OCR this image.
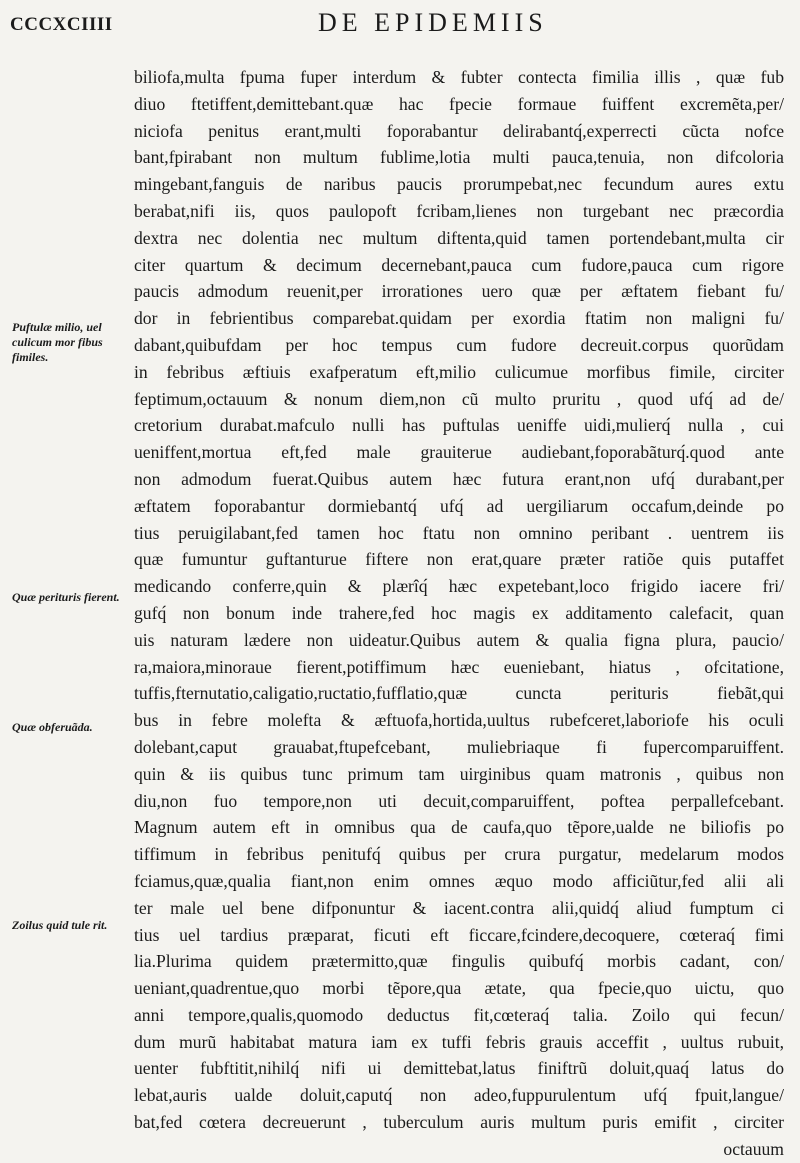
CCCXCIIII	DE EPIDEMIIS

biliofa,multa fpuma fuper interdum & fubter contecta fimilia illis , quæ fub
diuo ftetiffent,demittebant.quæ hac fpecie formaue fuiffent excremẽta,per/
niciofa penitus erant,multi foporabantur delirabantq́,experrecti cũcta nofce
bant,fpirabant non multum fublime,lotia multi pauca,tenuia, non difcoloria
mingebant,fanguis de naribus paucis prorumpebat,nec fecundum aures extu
berabat,nifi iis, quos paulopoft fcribam,lienes non turgebant nec præcordia
dextra nec dolentia nec multum diftenta,quid tamen portendebant,multa cir
citer quartum & decimum decernebant,pauca cum fudore,pauca cum rigore
paucis admodum reuenit,per irrorationes uero quæ per æftatem fiebant fu/
dor in febrientibus comparebat.quidam per exordia ftatim non maligni fu/
dabant,quibufdam per hoc tempus cum fudore decreuit.corpus quorũdam
in febribus æftiuis exafperatum eft,milio culicumue morfibus fimile, circiter
feptimum,octauum & nonum diem,non cũ multo pruritu , quod ufq́ ad de/
cretorium durabat.mafculo nulli has puftulas ueniffe uidi,mulierq́ nulla , cui
ueniffent,mortua eft,fed male grauiterue audiebant,foporabãturq́.quod ante
non admodum fuerat.Quibus autem hæc futura erant,non ufq́ durabant,per
æftatem foporabantur dormiebantq́ ufq́ ad uergiliarum occafum,deinde po
tius peruigilabant,fed tamen hoc ftatu non omnino peribant . uentrem iis
quæ fumuntur guftanturue fiftere non erat,quare præter ratiõe quis putaffet
medicando conferre,quin & plærîq́ hæc expetebant,loco frigido iacere fri/
gufq́ non bonum inde trahere,fed hoc magis ex additamento calefacit, quan
uis naturam lædere non uideatur.Quibus autem & qualia figna plura, paucio/
ra,maiora,minoraue fierent,potiffimum hæc eueniebant, hiatus , ofcitatione,
tuffis,fternutatio,caligatio,ructatio,fufflatio,quæ cuncta perituris fiebãt,qui
bus in febre molefta & æftuofa,hortida,uultus rubefceret,laboriofe his oculi
dolebant,caput grauabat,ftupefcebant, muliebriaque fi fupercomparuiffent.
quin & iis quibus tunc primum tam uirginibus quam matronis , quibus non
diu,non fuo tempore,non uti decuit,comparuiffent, poftea perpallefcebant.
Magnum autem eft in omnibus qua de caufa,quo tẽpore,ualde ne biliofis po
tiffimum in febribus penitufq́ quibus per crura purgatur, medelarum modos
fciamus,quæ,qualia fiant,non enim omnes æquo modo afficiũtur,fed alii ali
ter male uel bene difponuntur & iacent.contra alii,quidq́ aliud fumptum ci
tius uel tardius præparat, ficuti eft ficcare,fcindere,decoquere, cœteraq́ fimi
lia.Plurima quidem prætermitto,quæ fingulis quibufq́ morbis cadant, con/
ueniant,quadrentue,quo morbi tẽpore,qua ætate, qua fpecie,quo uictu, quo
anni tempore,qualis,quomodo deductus fit,cœteraq́ talia. Zoilo qui fecun/
dum murũ habitabat matura iam ex tuffi febris grauis acceffit , uultus rubuit,
uenter fubftitit,nihilq́ nifi ui demittebat,latus finiftrũ doluit,quaq́ latus do
lebat,auris ualde doluit,caputq́ non adeo,fuppurulentum ufq́ fpuit,langue/
bat,fed cœtera decreuerunt , tuberculum auris multum puris emifit , circiter
octauum
Puftulæ milio, uel culicum mor fibus fimiles.
Quæ perituris fierent.
Quæ obferuãda.
Zoilus quid tule rit.
